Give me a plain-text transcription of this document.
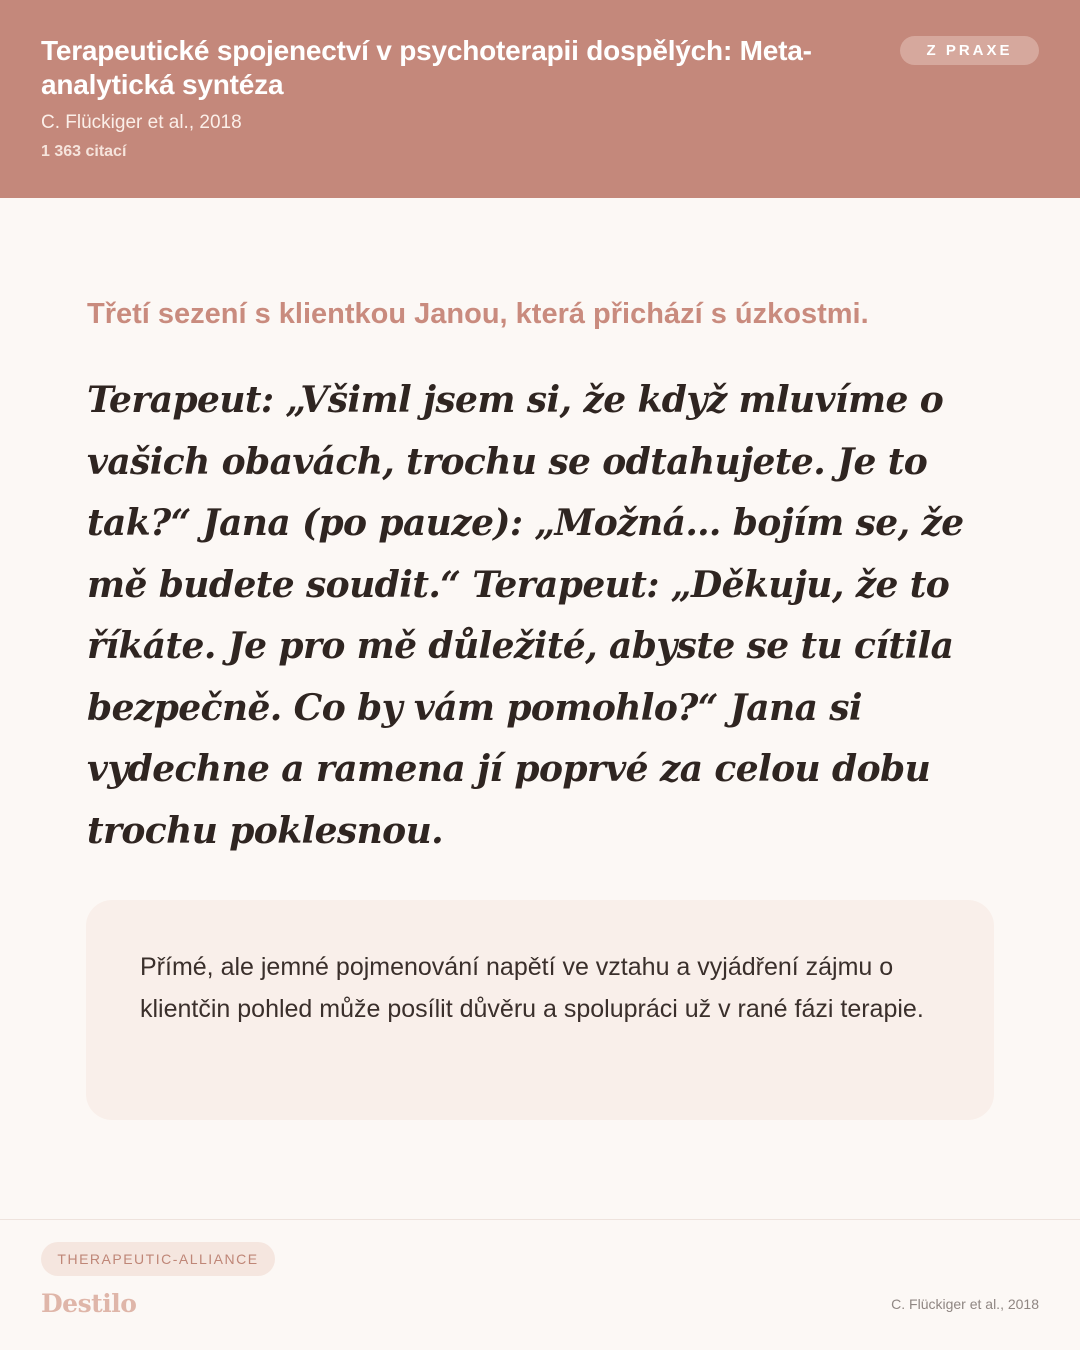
Terapeutické spojenectví v psychoterapii dospělých: Meta-analytická syntéza
C. Flückiger et al., 2018
1 363 citací
Z PRAXE

Třetí sezení s klientkou Janou, která přichází s úzkostmi.

Terapeut: „Všiml jsem si, že když mluvíme o vašich obavách, trochu se odtahujete. Je to tak?“ Jana (po pauze): „Možná… bojím se, že mě budete soudit.“ Terapeut: „Děkuju, že to říkáte. Je pro mě důležité, abyste se tu cítila bezpečně. Co by vám pomohlo?“ Jana si vydechne a ramena jí poprvé za celou dobu trochu poklesnou.

Přímé, ale jemné pojmenování napětí ve vztahu a vyjádření zájmu o klientčin pohled může posílit důvěru a spolupráci už v rané fázi terapie.

THERAPEUTIC-ALLIANCE
Destilo	C. Flückiger et al., 2018
